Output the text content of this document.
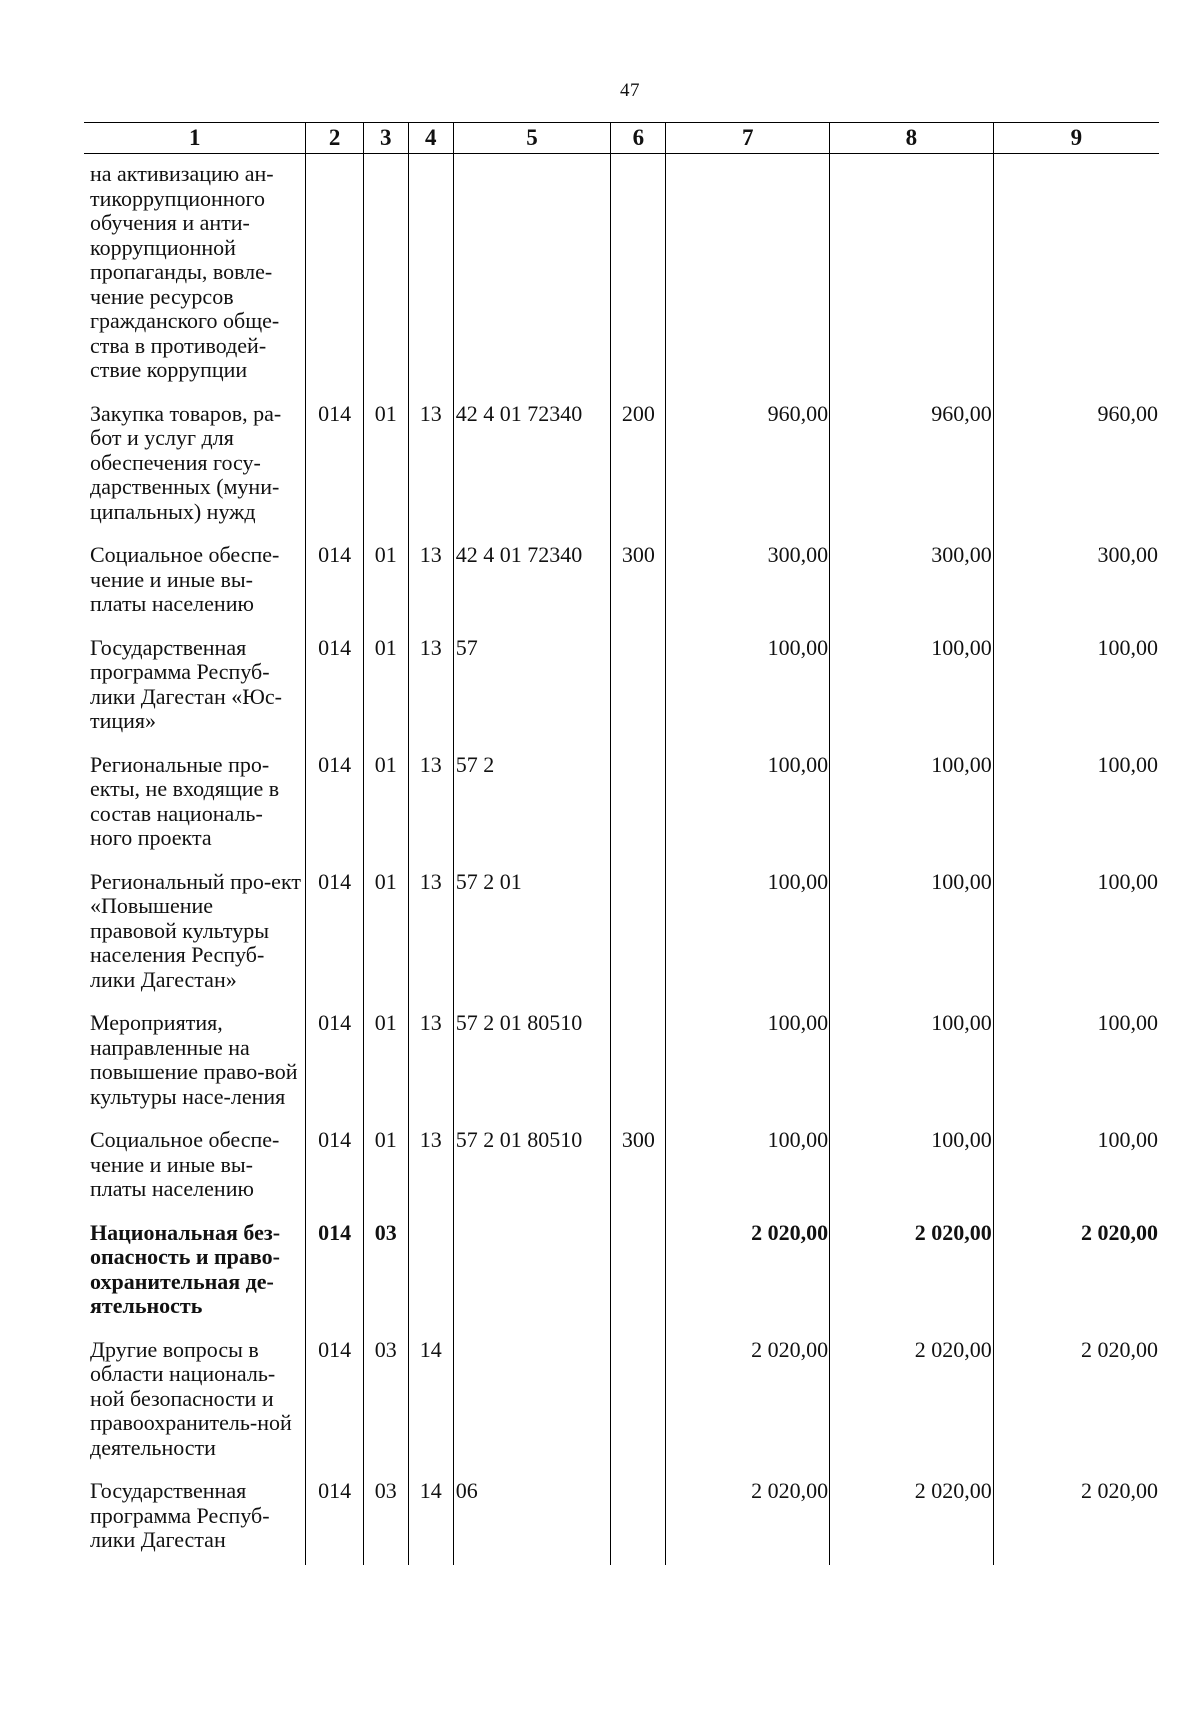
47
1	2	3	4	5	6	7	8	9
на активизацию ан-тикоррупционного обучения и анти-коррупционной пропаганды, вовле-чение ресурсов гражданского обще-ства в противодей-ствие коррупции								
Закупка товаров, ра-бот и услуг для обеспечения госу-дарственных (муни-ципальных) нужд	014	01	13	42 4 01 72340	200	960,00	960,00	960,00
Социальное обеспе-чение и иные вы-платы населению	014	01	13	42 4 01 72340	300	300,00	300,00	300,00
Государственная программа Респуб-лики Дагестан «Юс-тиция»	014	01	13	57		100,00	100,00	100,00
Региональные про-екты, не входящие в состав националь-ного проекта	014	01	13	57 2		100,00	100,00	100,00
Региональный про-ект «Повышение правовой культуры населения Респуб-лики Дагестан»	014	01	13	57 2 01		100,00	100,00	100,00
Мероприятия, направленные на повышение право-вой культуры насе-ления	014	01	13	57 2 01 80510		100,00	100,00	100,00
Социальное обеспе-чение и иные вы-платы населению	014	01	13	57 2 01 80510	300	100,00	100,00	100,00
Национальная без-опасность и право-охранительная де-ятельность	014	03				2 020,00	2 020,00	2 020,00
Другие вопросы в области националь-ной безопасности и правоохранитель-ной деятельности	014	03	14			2 020,00	2 020,00	2 020,00
Государственная программа Респуб-лики Дагестан	014	03	14	06		2 020,00	2 020,00	2 020,00
